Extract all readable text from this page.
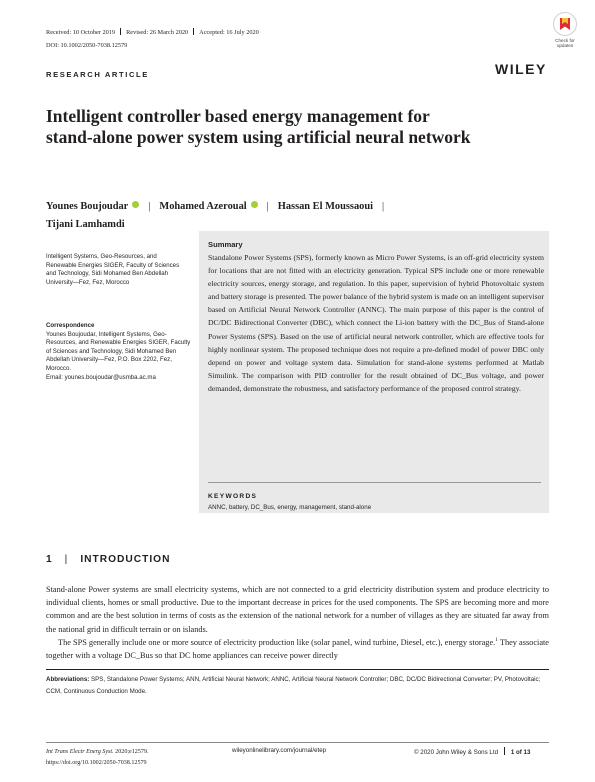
Received: 10 October 2019 Revised: 26 March 2020 Accepted: 16 July 2020
DOI: 10.1002/2050-7038.12579
Check for
updates
RESEARCH ARTICLE	WILEY
Intelligent controller based energy management for stand-alone power system using artificial neural network
Younes Boujoudar | Mohamed Azeroual | Hassan El Moussaoui |
Tijani Lamhamdi
Intelligent Systems, Geo-Resources, and Renewable Energies SIGER, Faculty of Sciences and Technology, Sidi Mohamed Ben Abdellah University—Fez, Fez, Morocco
Correspondence
Younes Boujoudar, Intelligent Systems, Geo-Resources, and Renewable Energies SIGER, Faculty of Sciences and Technology, Sidi Mohamed Ben Abdellah University—Fez, P.O. Box 2202, Fez, Morocco.
Email: younes.boujoudar@usmba.ac.ma
Summary
Standalone Power Systems (SPS), formerly known as Micro Power Systems, is an off-grid electricity system for locations that are not fitted with an electricity generation. Typical SPS include one or more renewable electricity sources, energy storage, and regulation. In this paper, supervision of hybrid Photovoltaic system and battery storage is presented. The power balance of the hybrid system is made on an intelligent supervisor based on Artificial Neural Network Controller (ANNC). The main purpose of this paper is the control of DC/DC Bidirectional Converter (DBC), which connect the Li-ion battery with the DC_Bus of Stand-alone Power Systems (SPS). Based on the use of artificial neural network controller, which are effective tools for highly nonlinear system. The proposed technique does not require a pre-defined model of power DBC only depend on power and voltage system data. Simulation for stand-alone systems performed at Matlab Simulink. The comparison with PID controller for the result obtained of DC_Bus voltage, and power demanded, demonstrate the robustness, and satisfactory performance of the proposed control strategy.
KEYWORDS
ANNC, battery, DC_Bus, energy, management, stand-alone
1 | INTRODUCTION
Stand-alone Power systems are small electricity systems, which are not connected to a grid electricity distribution system and produce electricity to individual clients, homes or small productive. Due to the important decrease in prices for the used components. The SPS are becoming more and more common and are the best solution in terms of costs as the extension of the national network for a number of villages as they are situated far away from the national grid in difficult terrain or on islands.
The SPS generally include one or more source of electricity production like (solar panel, wind turbine, Diesel, etc.), energy storage.$^1$ They associate together with a voltage DC_Bus so that DC home appliances can receive power directly
Abbreviations: SPS, Standalone Power Systems; ANN, Artificial Neural Network; ANNC, Artificial Neural Network Controller; DBC, DC/DC Bidirectional Converter; PV, Photovoltaic; CCM, Continuous Conduction Mode.
Int Trans Electr Energ Syst. 2020;e12579.
https://doi.org/10.1002/2050-7038.12579
wileyonlinelibrary.com/journal/etep	© 2020 John Wiley & Sons Ltd 1 of 13
